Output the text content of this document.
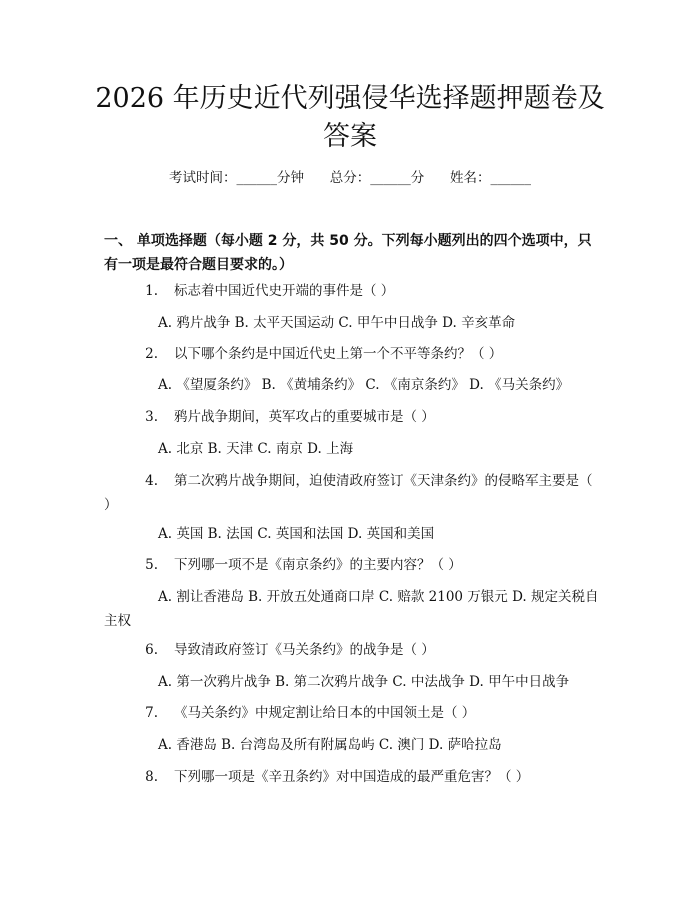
2026 年历史近代列强侵华选择题押题卷及答案
考试时间：______分钟 总分：______分 姓名：______
一、 单项选择题（每小题 2 分，共 50 分。下列每小题列出的四个选项中，只有一项是最符合题目要求的。）
1. 标志着中国近代史开端的事件是（ ）
A. 鸦片战争 B. 太平天国运动 C. 甲午中日战争 D. 辛亥革命
2. 以下哪个条约是中国近代史上第一个不平等条约？（ ）
A. 《望厦条约》 B. 《黄埔条约》 C. 《南京条约》 D. 《马关条约》
3. 鸦片战争期间，英军攻占的重要城市是（ ）
A. 北京 B. 天津 C. 南京 D. 上海
4. 第二次鸦片战争期间，迫使清政府签订《天津条约》的侵略军主要是（ ）
A. 英国 B. 法国 C. 英国和法国 D. 英国和美国
5. 下列哪一项不是《南京条约》的主要内容？（ ）
A. 割让香港岛 B. 开放五处通商口岸 C. 赔款 2100 万银元 D. 规定关税自主权
6. 导致清政府签订《马关条约》的战争是（ ）
A. 第一次鸦片战争 B. 第二次鸦片战争 C. 中法战争 D. 甲午中日战争
7. 《马关条约》中规定割让给日本的中国领土是（ ）
A. 香港岛 B. 台湾岛及所有附属岛屿 C. 澳门 D. 萨哈拉岛
8. 下列哪一项是《辛丑条约》对中国造成的最严重危害？（ ）
